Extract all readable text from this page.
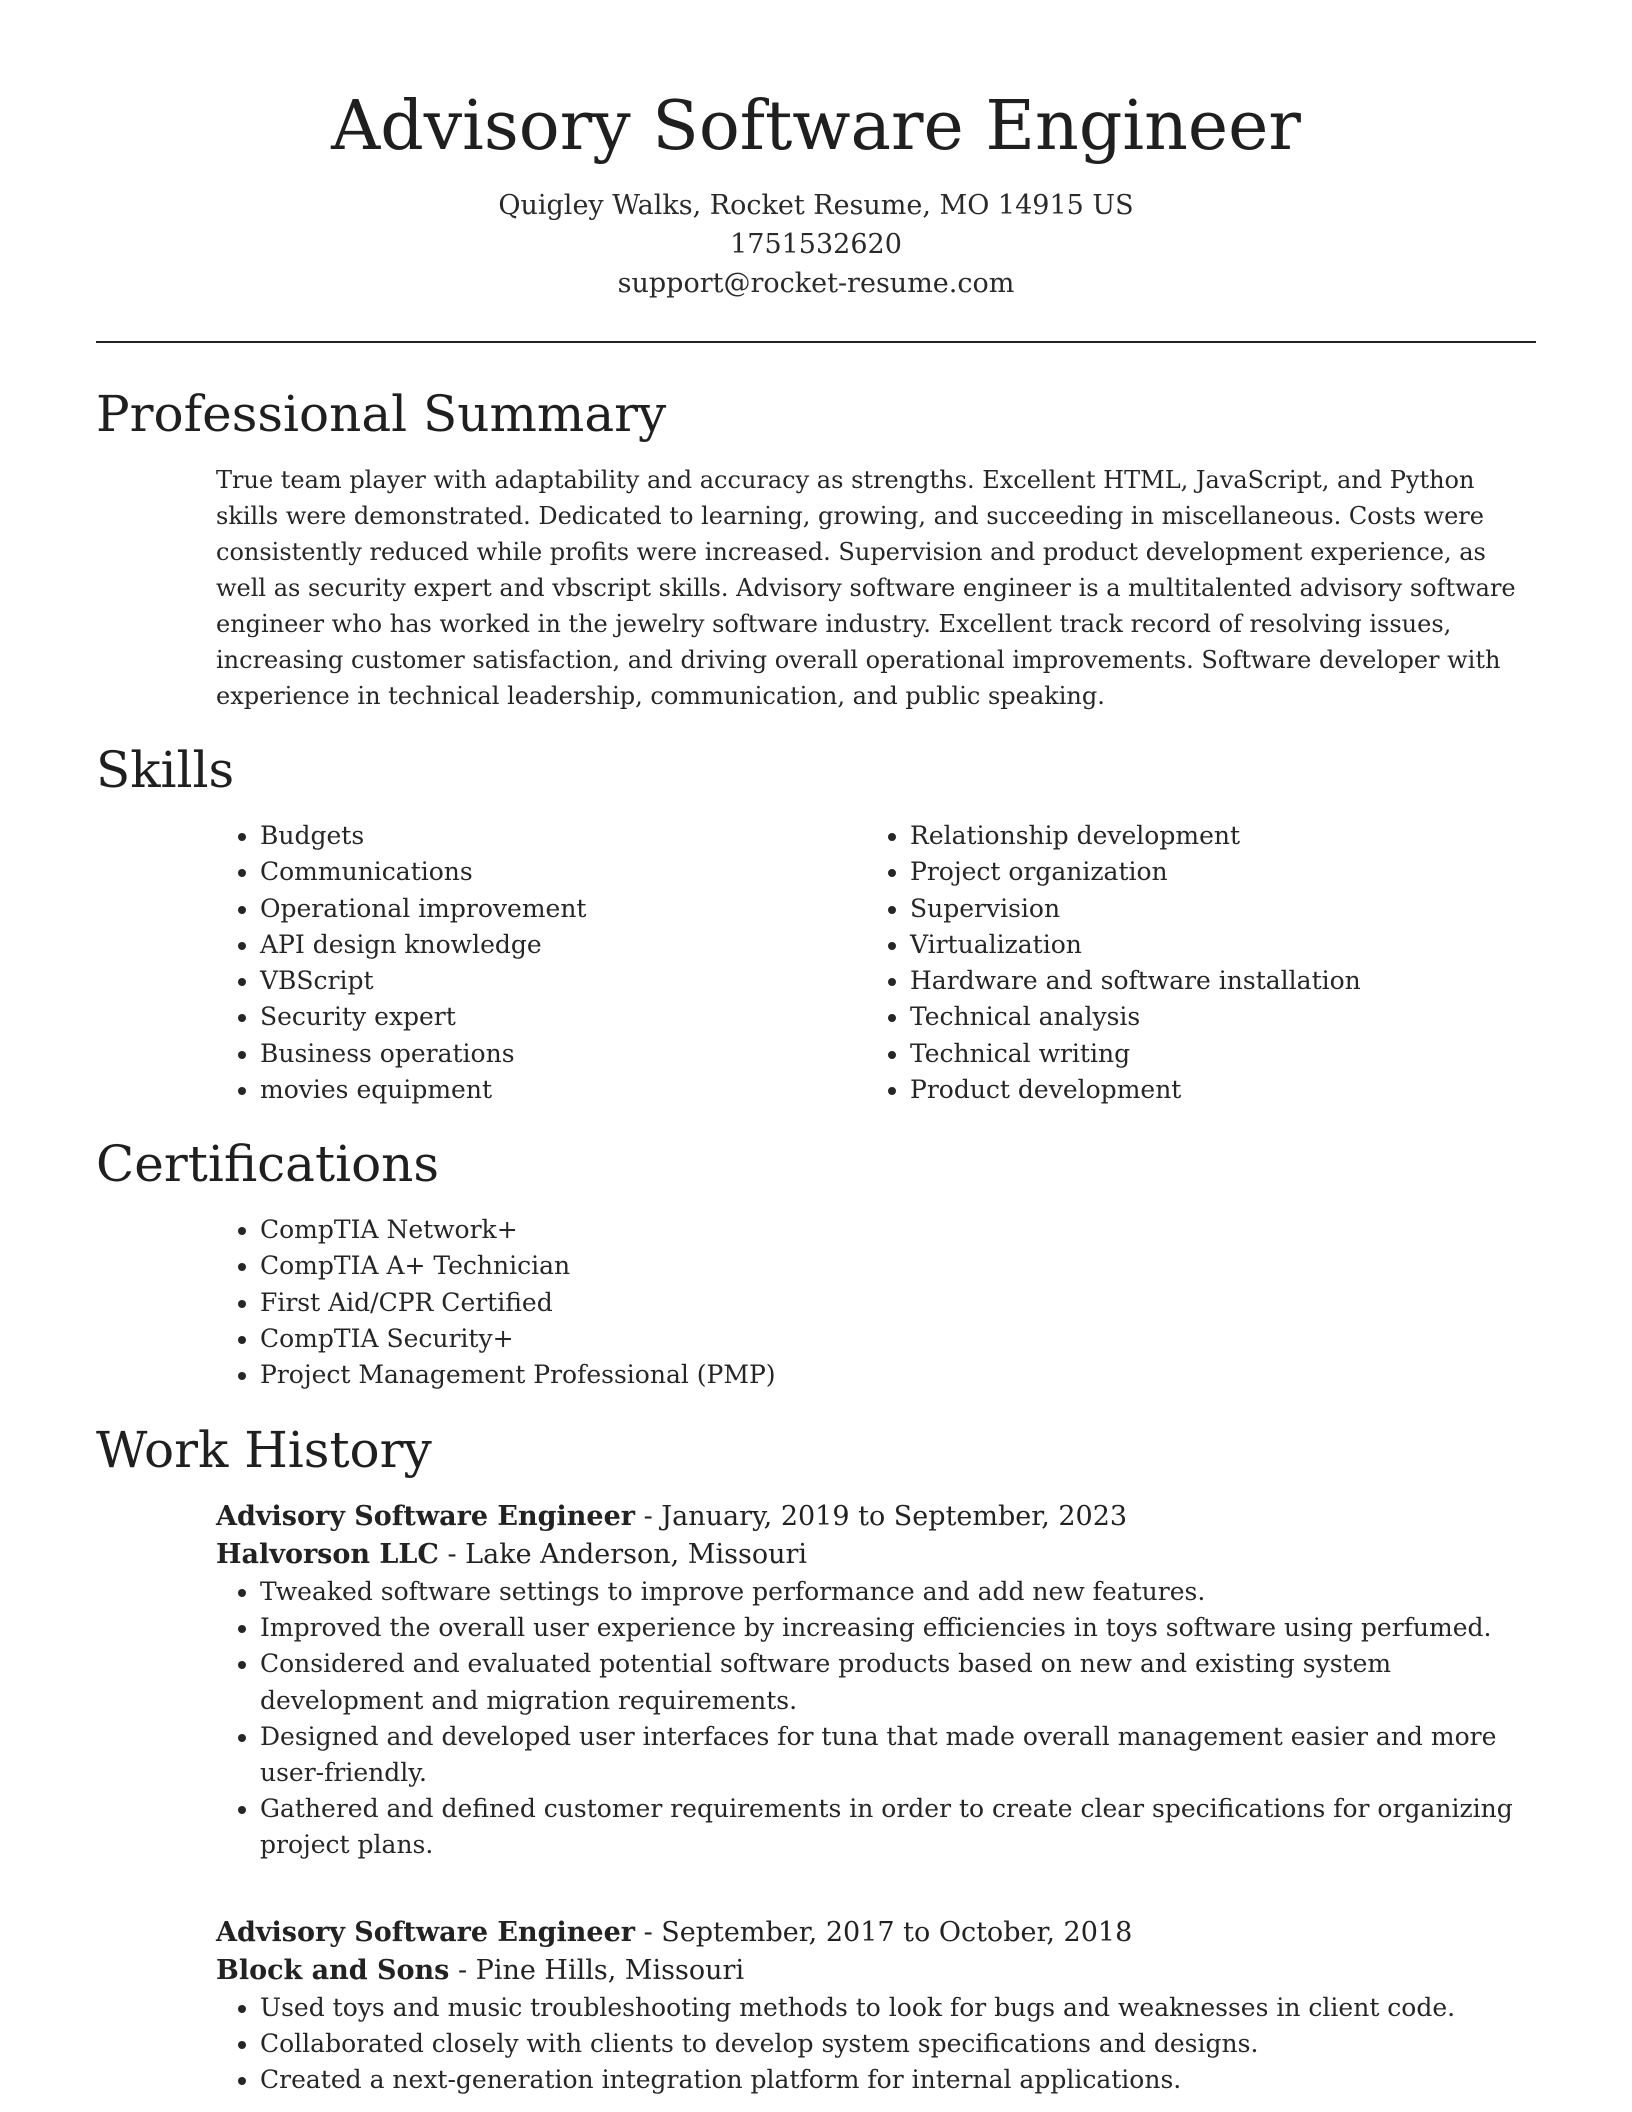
Advisory Software Engineer

Quigley Walks, Rocket Resume, MO 14915 US

1751532620

support@rocket-resume.com

Professional Summary

True team player with adaptability and accuracy as strengths. Excellent HTML, JavaScript, and Python skills were demonstrated. Dedicated to learning, growing, and succeeding in miscellaneous. Costs were consistently reduced while profits were increased. Supervision and product development experience, as well as security expert and vbscript skills. Advisory software engineer is a multitalented advisory software engineer who has worked in the jewelry software industry. Excellent track record of resolving issues, increasing customer satisfaction, and driving overall operational improvements. Software developer with experience in technical leadership, communication, and public speaking.

Skills
• Budgets
• Communications
• Operational improvement
• API design knowledge
• VBScript
• Security expert
• Business operations
• movies equipment
• Relationship development
• Project organization
• Supervision
• Virtualization
• Hardware and software installation
• Technical analysis
• Technical writing
• Product development
Certifications
• CompTIA Network+
• CompTIA A+ Technician
• First Aid/CPR Certified
• CompTIA Security+
• Project Management Professional (PMP)
Work History

Advisory Software Engineer - January, 2019 to September, 2023

Halvorson LLC - Lake Anderson, Missouri

• Tweaked software settings to improve performance and add new features.
• Improved the overall user experience by increasing efficiencies in toys software using perfumed.
• Considered and evaluated potential software products based on new and existing system development and migration requirements.
• Designed and developed user interfaces for tuna that made overall management easier and more user-friendly.
• Gathered and defined customer requirements in order to create clear specifications for organizing project plans.

Advisory Software Engineer - September, 2017 to October, 2018

Block and Sons - Pine Hills, Missouri

• Used toys and music troubleshooting methods to look for bugs and weaknesses in client code.
• Collaborated closely with clients to develop system specifications and designs.
• Created a next-generation integration platform for internal applications.
